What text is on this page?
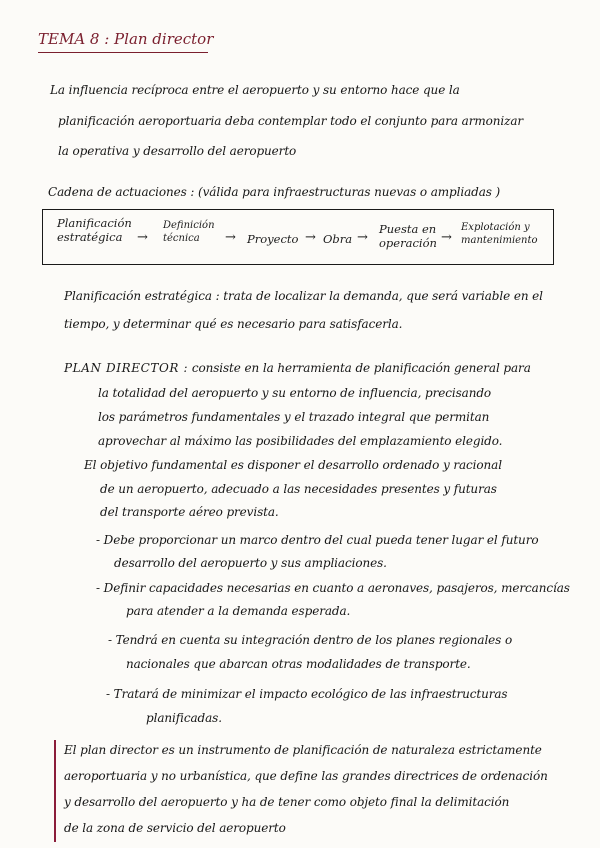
TEMA 8 : Plan director
La influencia recíproca entre el aeropuerto y su entorno hace que la
planificación aeroportuaria deba contemplar todo el conjunto para armonizar
la operativa y desarrollo del aeropuerto
Cadena de actuaciones : (válida para infraestructuras nuevas o ampliadas )
Planificación
estratégica	→
Definición
técnica	→ Proyecto → Obra →
Puesta en
operación →
Explotación y
mantenimiento
Planificación estratégica : trata de localizar la demanda, que será variable en el
tiempo, y determinar qué es necesario para satisfacerla.
PLAN DIRECTOR : consiste en la herramienta de planificación general para
la totalidad del aeropuerto y su entorno de influencia, precisando
los parámetros fundamentales y el trazado integral que permitan
aprovechar al máximo las posibilidades del emplazamiento elegido.
El objetivo fundamental es disponer el desarrollo ordenado y racional
de un aeropuerto, adecuado a las necesidades presentes y futuras
del transporte aéreo prevista.
- Debe proporcionar un marco dentro del cual pueda tener lugar el futuro
desarrollo del aeropuerto y sus ampliaciones.
- Definir capacidades necesarias en cuanto a aeronaves, pasajeros, mercancías
para atender a la demanda esperada.
- Tendrá en cuenta su integración dentro de los planes regionales o
nacionales que abarcan otras modalidades de transporte.
- Tratará de minimizar el impacto ecológico de las infraestructuras
planificadas.
El plan director es un instrumento de planificación de naturaleza estrictamente
aeroportuaria y no urbanística, que define las grandes directrices de ordenación
y desarrollo del aeropuerto y ha de tener como objeto final la delimitación
de la zona de servicio del aeropuerto
